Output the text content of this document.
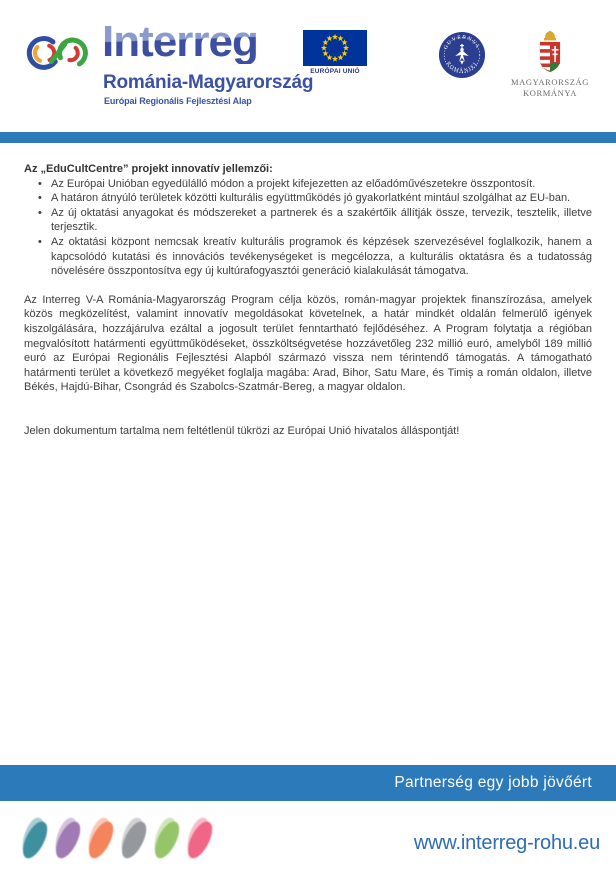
Interreg
Románia-Magyarország
Európai Regionális Fejlesztési Alap
EURÓPAI UNIÓ
GUVERNUL
ROMÂNIEI
MAGYARORSZÁG
KORMÁNYA
Az „EduCultCentre” projekt innovatív jellemzői:
• Az Európai Unióban egyedülálló módon a projekt kifejezetten az előadóművészetekre összpontosít.
• A határon átnyúló területek közötti kulturális együttműködés jó gyakorlatként mintául szolgálhat az EU-ban.
• Az új oktatási anyagokat és módszereket a partnerek és a szakértőik állítják össze, tervezik, tesztelik, illetve terjesztik.
• Az oktatási központ nemcsak kreatív kulturális programok és képzések szervezésével foglalkozik, hanem a kapcsolódó kutatási és innovációs tevékenységeket is megcélozza, a kulturális oktatásra és a tudatosság növelésére összpontosítva egy új kultúrafogyasztói generáció kialakulását támogatva.

Az Interreg V-A Románia-Magyarország Program célja közös, román-magyar projektek finanszírozása, amelyek közös megközelítést, valamint innovatív megoldásokat követelnek, a határ mindkét oldalán felmerülő igények kiszolgálására, hozzájárulva ezáltal a jogosult terület fenntartható fejlődéséhez. A Program folytatja a régióban megvalósított határmenti együttműködéseket, összköltségvetése hozzávetőleg 232 millió euró, amelyből 189 millió euró az Európai Regionális Fejlesztési Alapból származó vissza nem térintendő támogatás. A támogatható határmenti terület a következő megyéket foglalja magába: Arad, Bihor, Satu Mare, és Timiș a román oldalon, illetve Békés, Hajdú-Bihar, Csongrád és Szabolcs-Szatmár-Bereg, a magyar oldalon.

Jelen dokumentum tartalma nem feltétlenül tükrözi az Európai Unió hivatalos álláspontját!

Partnerség egy jobb jövőért
www.interreg-rohu.eu
